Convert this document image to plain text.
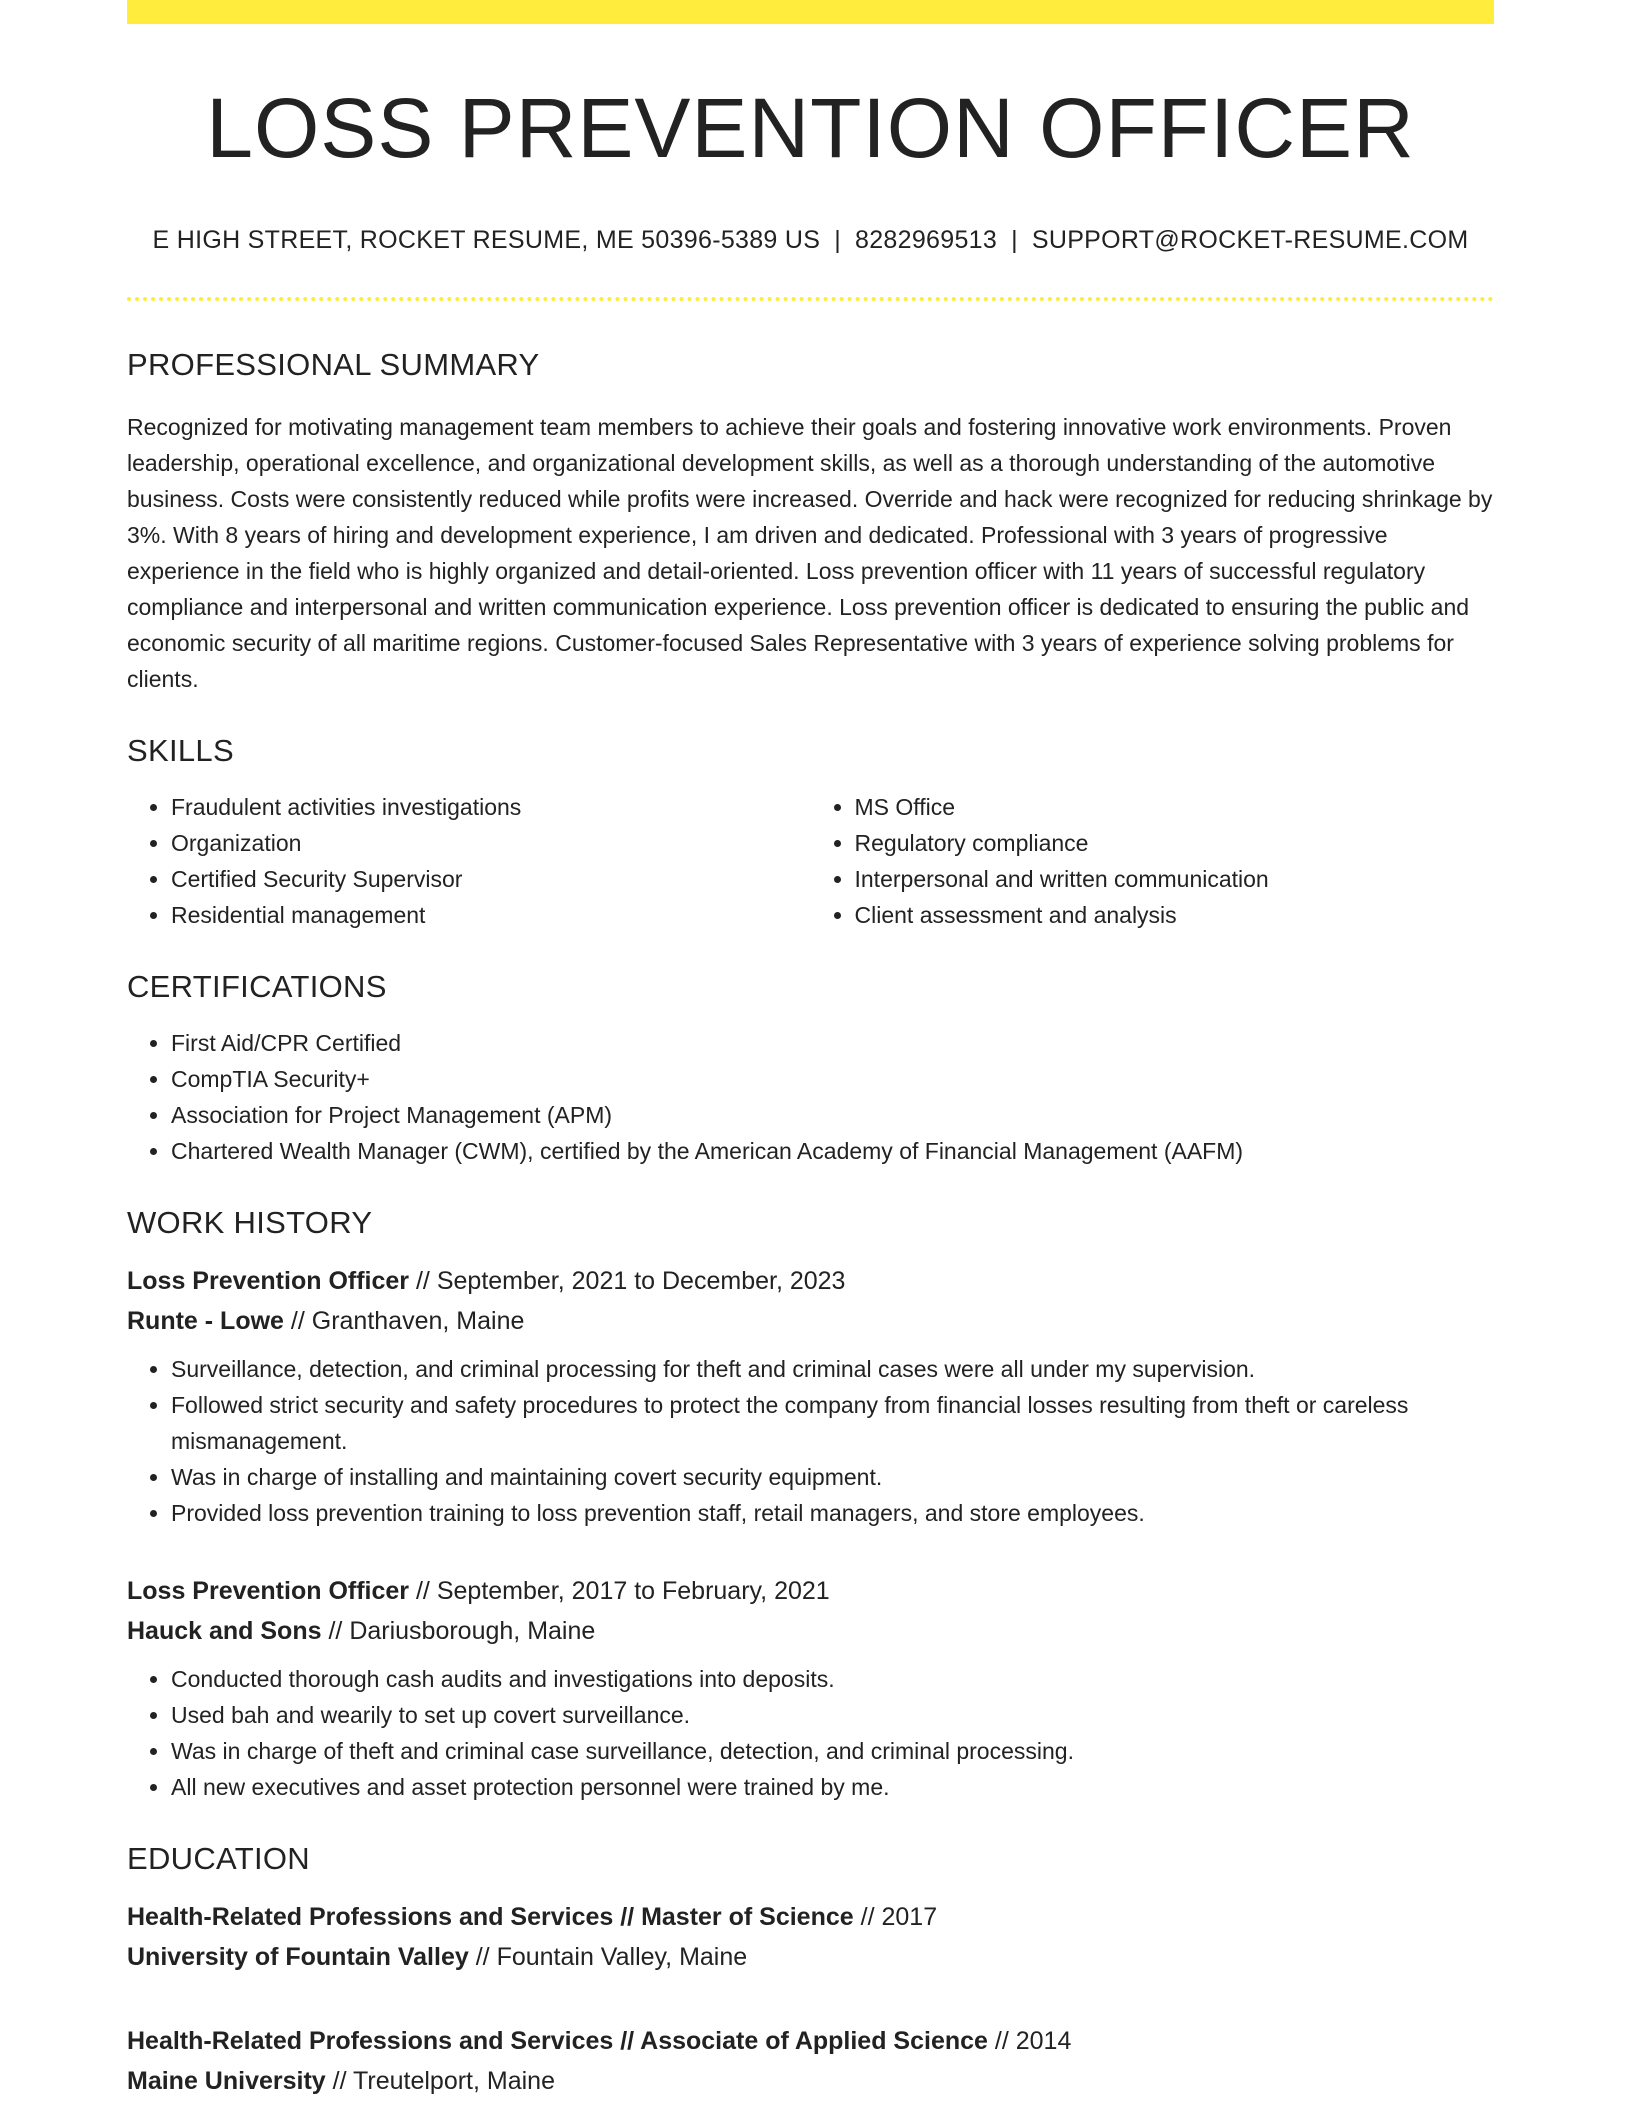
LOSS PREVENTION OFFICER
E HIGH STREET, ROCKET RESUME, ME 50396-5389 US | 8282969513 | SUPPORT@ROCKET-RESUME.COM
PROFESSIONAL SUMMARY

Recognized for motivating management team members to achieve their goals and fostering innovative work environments. Proven leadership, operational excellence, and organizational development skills, as well as a thorough understanding of the automotive business. Costs were consistently reduced while profits were increased. Override and hack were recognized for reducing shrinkage by 3%. With 8 years of hiring and development experience, I am driven and dedicated. Professional with 3 years of progressive experience in the field who is highly organized and detail-oriented. Loss prevention officer with 11 years of successful regulatory compliance and interpersonal and written communication experience. Loss prevention officer is dedicated to ensuring the public and economic security of all maritime regions. Customer-focused Sales Representative with 3 years of experience solving problems for clients.

SKILLS
• Fraudulent activities investigations
• Organization
• Certified Security Supervisor
• Residential management
• MS Office
• Regulatory compliance
• Interpersonal and written communication
• Client assessment and analysis
CERTIFICATIONS
• First Aid/CPR Certified
• CompTIA Security+
• Association for Project Management (APM)
• Chartered Wealth Manager (CWM), certified by the American Academy of Financial Management (AAFM)
WORK HISTORY
Loss Prevention Officer // September, 2021 to December, 2023
Runte - Lowe // Granthaven, Maine
• Surveillance, detection, and criminal processing for theft and criminal cases were all under my supervision.
• Followed strict security and safety procedures to protect the company from financial losses resulting from theft or careless mismanagement.
• Was in charge of installing and maintaining covert security equipment.
• Provided loss prevention training to loss prevention staff, retail managers, and store employees.
Loss Prevention Officer // September, 2017 to February, 2021
Hauck and Sons // Dariusborough, Maine
• Conducted thorough cash audits and investigations into deposits.
• Used bah and wearily to set up covert surveillance.
• Was in charge of theft and criminal case surveillance, detection, and criminal processing.
• All new executives and asset protection personnel were trained by me.
EDUCATION
Health-Related Professions and Services // Master of Science // 2017
University of Fountain Valley // Fountain Valley, Maine
Health-Related Professions and Services // Associate of Applied Science // 2014
Maine University // Treutelport, Maine
